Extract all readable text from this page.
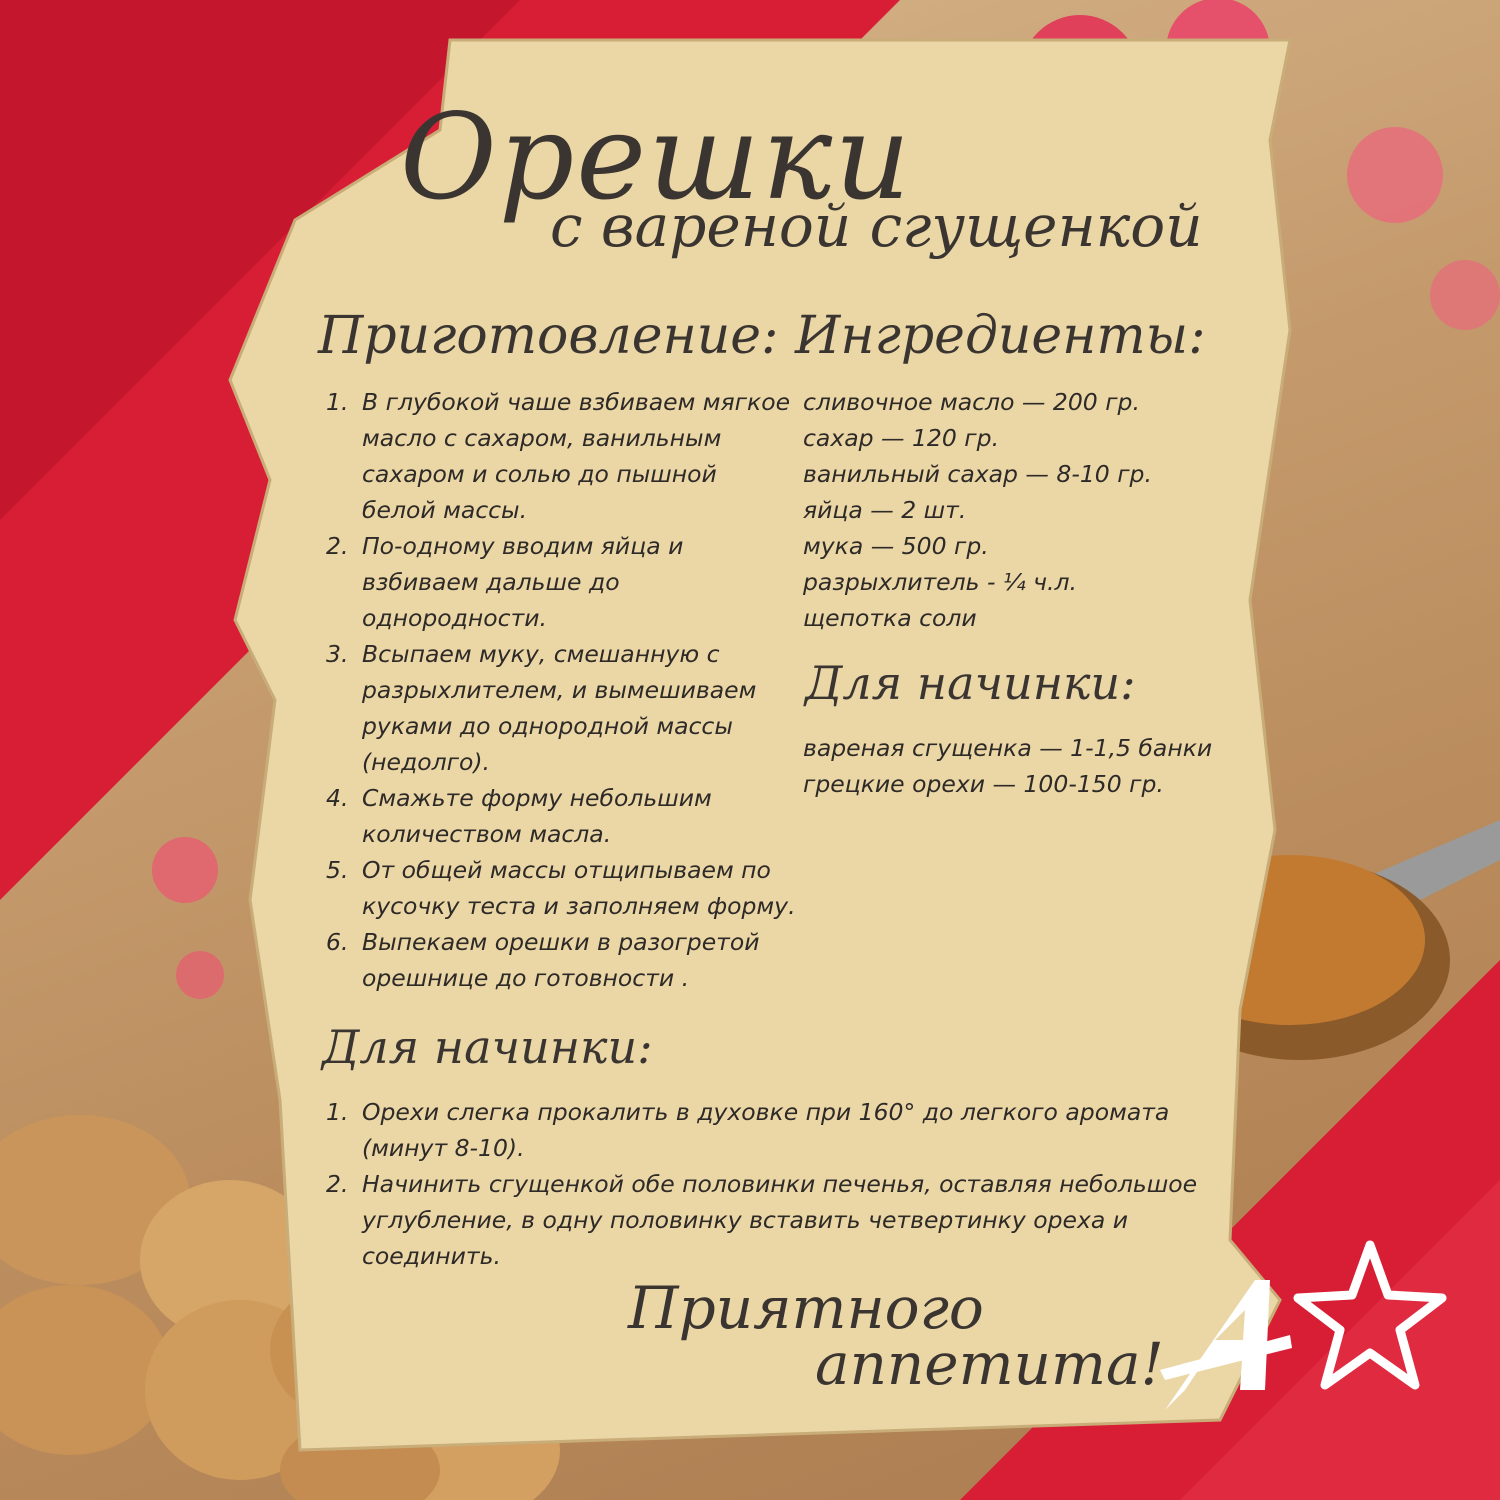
Орешки
с вареной сгущенкой
Приготовление: Ингредиенты:
1. В глубокой чаше взбиваем мягкое масло с сахаром, ванильным сахаром и солью до пышной белой массы.
2. По-одному вводим яйца и взбиваем дальше до однородности.
3. Всыпаем муку, смешанную с разрыхлителем, и вымешиваем руками до однородной массы (недолго).
4. Смажьте форму небольшим количеством масла.
5. От общей массы отщипываем по кусочку теста и заполняем форму.
6. Выпекаем орешки в разогретой орешнице до готовности .
сливочное масло — 200 гр.
сахар — 120 гр.
ванильный сахар — 8-10 гр.
яйца — 2 шт.
мука — 500 гр.
разрыхлитель - ¼ ч.л.
щепотка соли
Для начинки:
вареная сгущенка — 1-1,5 банки
грецкие орехи — 100-150 гр.
Для начинки:
1. Орехи слегка прокалить в духовке при 160° до легкого аромата (минут 8-10).
2. Начинить сгущенкой обе половинки печенья, оставляя небольшое углубление, в одну половинку вставить четвертинку ореха и соединить.
Приятного
аппетита!
